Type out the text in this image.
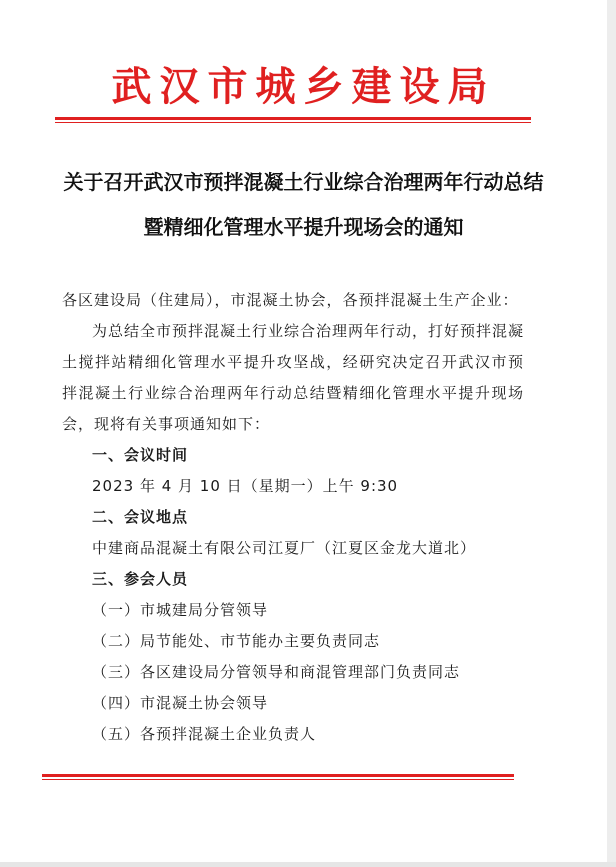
武汉市城乡建设局
关于召开武汉市预拌混凝土行业综合治理两年行动总结
暨精细化管理水平提升现场会的通知
各区建设局（住建局），市混凝土协会，各预拌混凝土生产企业：
为总结全市预拌混凝土行业综合治理两年行动，打好预拌混凝土搅拌站精细化管理水平提升攻坚战，经研究决定召开武汉市预拌混凝土行业综合治理两年行动总结暨精细化管理水平提升现场会，现将有关事项通知如下：
一、会议时间
2023 年 4 月 10 日（星期一）上午 9:30
二、会议地点
中建商品混凝土有限公司江夏厂（江夏区金龙大道北）
三、参会人员
（一）市城建局分管领导
（二）局节能处、市节能办主要负责同志
（三）各区建设局分管领导和商混管理部门负责同志
（四）市混凝土协会领导
（五）各预拌混凝土企业负责人
